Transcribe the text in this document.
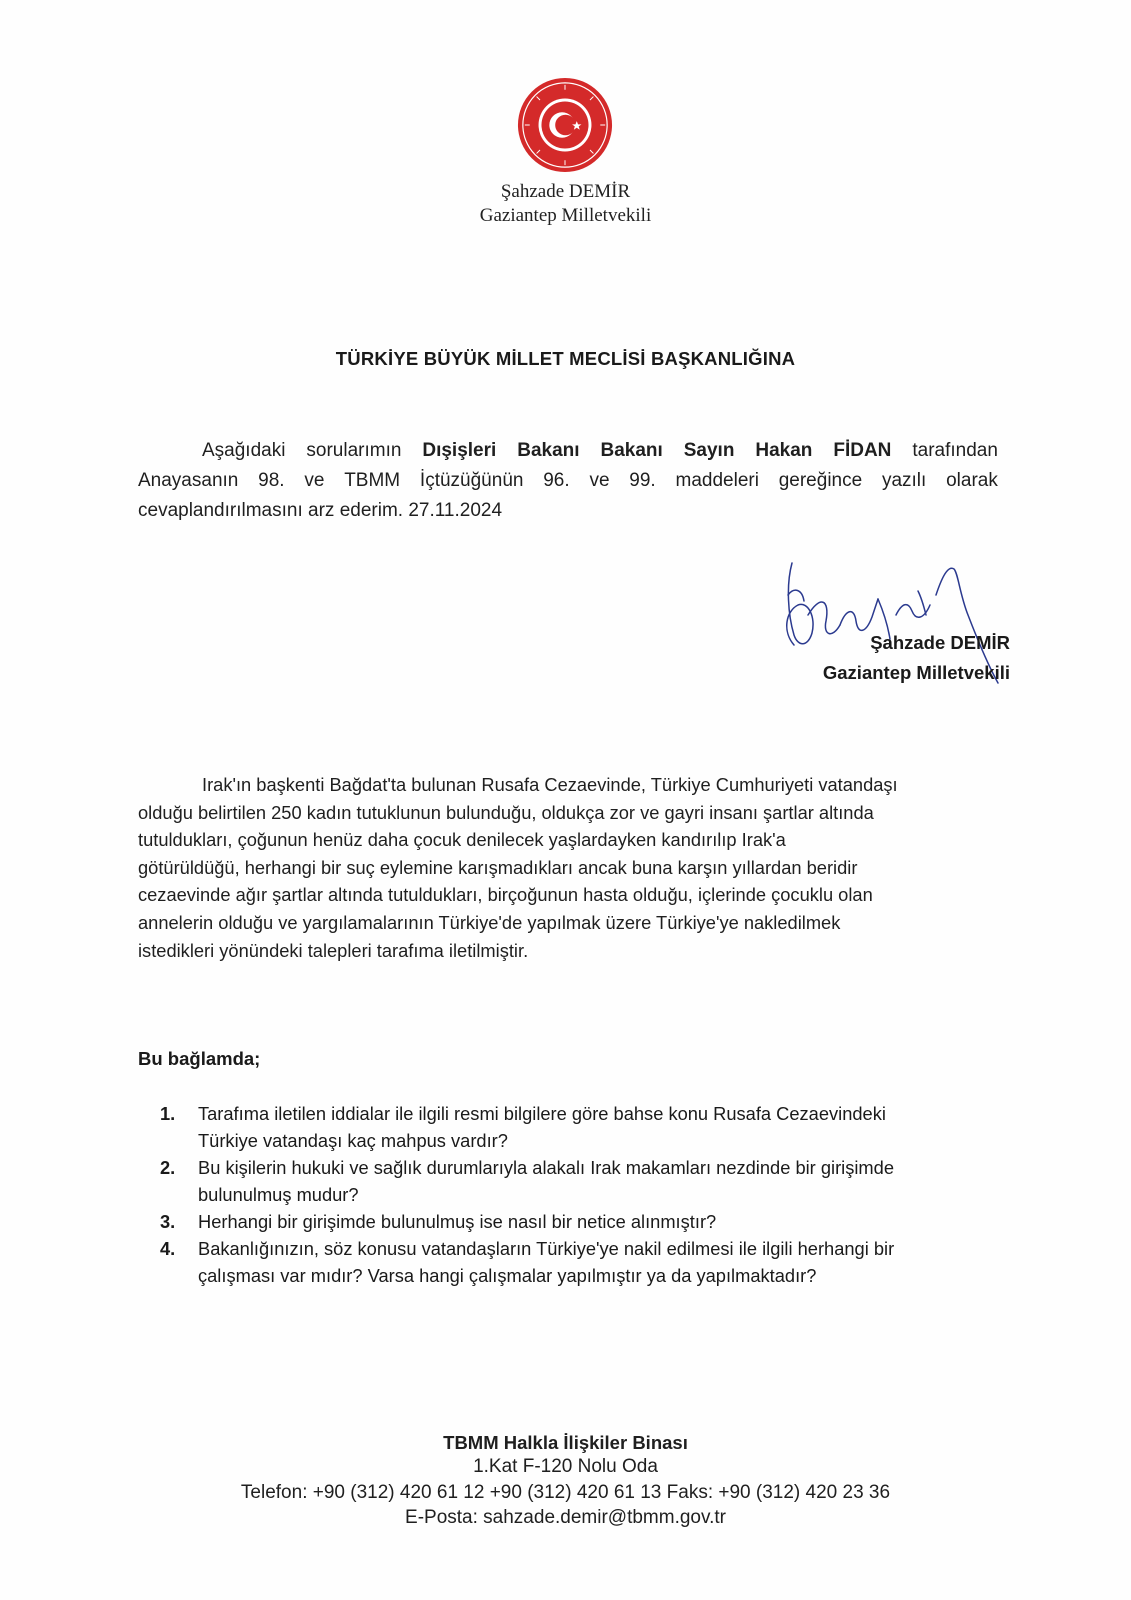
Şahzade DEMİR
Gaziantep Milletvekili
TÜRKİYE BÜYÜK MİLLET MECLİSİ BAŞKANLIĞINA
Aşağıdaki sorularımın Dışişleri Bakanı Bakanı Sayın Hakan FİDAN tarafından
Anayasanın 98. ve TBMM İçtüzüğünün 96. ve 99. maddeleri gereğince yazılı olarak
cevaplandırılmasını arz ederim. 27.11.2024
Şahzade DEMİR
Gaziantep Milletvekili
Irak'ın başkenti Bağdat'ta bulunan Rusafa Cezaevinde, Türkiye Cumhuriyeti vatandaşı
olduğu belirtilen 250 kadın tutuklunun bulunduğu, oldukça zor ve gayri insanı şartlar altında
tutuldukları, çoğunun henüz daha çocuk denilecek yaşlardayken kandırılıp Irak'a
götürüldüğü, herhangi bir suç eylemine karışmadıkları ancak buna karşın yıllardan beridir
cezaevinde ağır şartlar altında tutuldukları, birçoğunun hasta olduğu, içlerinde çocuklu olan
annelerin olduğu ve yargılamalarının Türkiye'de yapılmak üzere Türkiye'ye nakledilmek
istedikleri yönündeki talepleri tarafıma iletilmiştir.
Bu bağlamda;
1. Tarafıma iletilen iddialar ile ilgili resmi bilgilere göre bahse konu Rusafa Cezaevindeki
Türkiye vatandaşı kaç mahpus vardır?
2. Bu kişilerin hukuki ve sağlık durumlarıyla alakalı Irak makamları nezdinde bir girişimde
bulunulmuş mudur?
3. Herhangi bir girişimde bulunulmuş ise nasıl bir netice alınmıştır?
4. Bakanlığınızın, söz konusu vatandaşların Türkiye'ye nakil edilmesi ile ilgili herhangi bir
çalışması var mıdır? Varsa hangi çalışmalar yapılmıştır ya da yapılmaktadır?
TBMM Halkla İlişkiler Binası
1.Kat F-120 Nolu Oda
Telefon: +90 (312) 420 61 12 +90 (312) 420 61 13 Faks: +90 (312) 420 23 36
E-Posta: sahzade.demir@tbmm.gov.tr
